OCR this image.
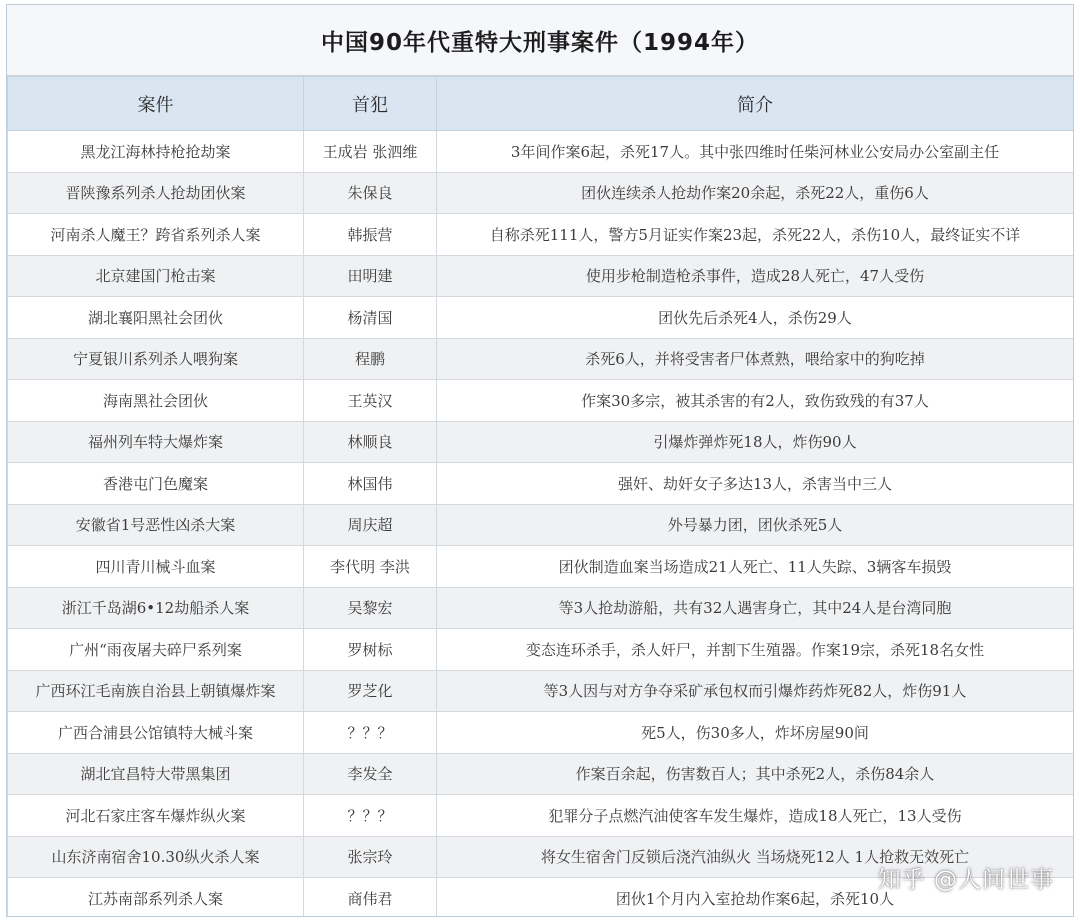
中国90年代重特大刑事案件（1994年）
案件	首犯	简介
黑龙江海林持枪抢劫案	王成岩 张泗维	3年间作案6起，杀死17人。其中张四维时任柴河林业公安局办公室副主任
晋陕豫系列杀人抢劫团伙案	朱保良	团伙连续杀人抢劫作案20余起，杀死22人，重伤6人
河南杀人魔王？跨省系列杀人案	韩振营	自称杀死111人，警方5月证实作案23起，杀死22人，杀伤10人，最终证实不详
北京建国门枪击案	田明建	使用步枪制造枪杀事件，造成28人死亡，47人受伤
湖北襄阳黑社会团伙	杨清国	团伙先后杀死4人，杀伤29人
宁夏银川系列杀人喂狗案	程鹏	杀死6人，并将受害者尸体煮熟，喂给家中的狗吃掉
海南黑社会团伙	王英汉	作案30多宗，被其杀害的有2人，致伤致残的有37人
福州列车特大爆炸案	林顺良	引爆炸弹炸死18人，炸伤90人
香港屯门色魔案	林国伟	强奸、劫奸女子多达13人，杀害当中三人
安徽省1号恶性凶杀大案	周庆超	外号暴力团，团伙杀死5人
四川青川械斗血案	李代明 李洪	团伙制造血案当场造成21人死亡、11人失踪、3辆客车损毁
浙江千岛湖6•12劫船杀人案	吴黎宏	等3人抢劫游船，共有32人遇害身亡，其中24人是台湾同胞
广州“雨夜屠夫碎尸系列案	罗树标	变态连环杀手，杀人奸尸，并割下生殖器。作案19宗，杀死18名女性
广西环江毛南族自治县上朝镇爆炸案	罗芝化	等3人因与对方争夺采矿承包权而引爆炸药炸死82人，炸伤91人
广西合浦县公馆镇特大械斗案	？？？	死5人，伤30多人，炸坏房屋90间
湖北宜昌特大带黑集团	李发全	作案百余起，伤害数百人；其中杀死2人，杀伤84余人
河北石家庄客车爆炸纵火案	？？？	犯罪分子点燃汽油使客车发生爆炸，造成18人死亡，13人受伤
山东济南宿舍10.30纵火杀人案	张宗玲	将女生宿舍门反锁后浇汽油纵火 当场烧死12人 1人抢救无效死亡
江苏南部系列杀人案	商伟君	团伙1个月内入室抢劫作案6起，杀死10人
知乎 @人间世事
